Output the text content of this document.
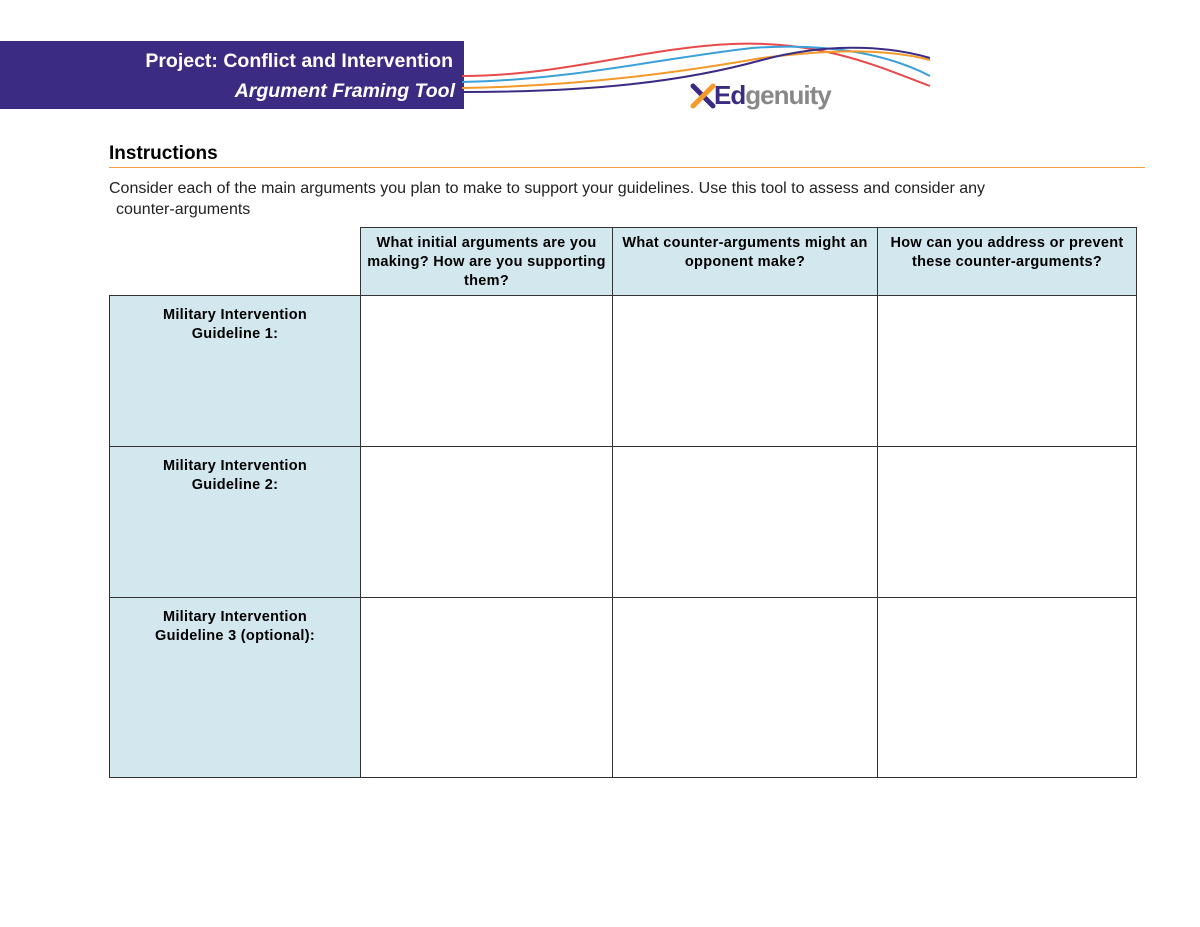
Project: Conflict and Intervention
Argument Framing Tool	Edgenuity
Instructions
Consider each of the main arguments you plan to make to support your guidelines. Use this tool to assess and consider any
counter-arguments
	What initial arguments are you making? How are you supporting them?	What counter-arguments might an opponent make?	How can you address or prevent these counter-arguments?

Military Intervention
Guideline 1:			

Military Intervention
Guideline 2:			

Military Intervention
Guideline 3 (optional):			
